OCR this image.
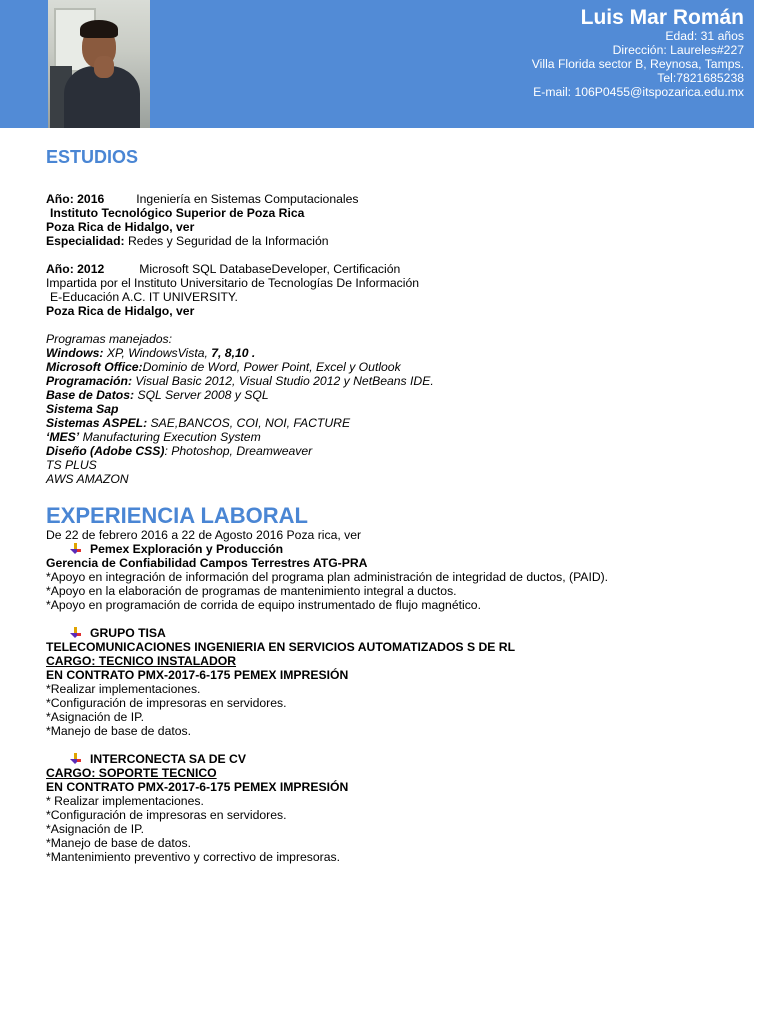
Luis Mar Román
Edad: 31 años
Dirección: Laureles#227
Villa Florida sector B, Reynosa, Tamps.
Tel:7821685238
E-mail: 106P0455@itspozarica.edu.mx
ESTUDIOS
Año: 2016	Ingeniería en Sistemas Computacionales
Instituto Tecnológico Superior de Poza Rica
Poza Rica de Hidalgo, ver
Especialidad: Redes y Seguridad de la Información
Año: 2012	Microsoft SQL DatabaseDeveloper, Certificación
Impartida por el Instituto Universitario de Tecnologías De Información
E-Educación A.C. IT UNIVERSITY.
Poza Rica de Hidalgo, ver
Programas manejados:
Windows: XP, WindowsVista, 7, 8,10 .
Microsoft Office:Dominio de Word, Power Point, Excel y Outlook
Programación: Visual Basic 2012, Visual Studio 2012 y NetBeans IDE.
Base de Datos: SQL Server 2008 y SQL
Sistema Sap
Sistemas ASPEL: SAE,BANCOS, COI, NOI, FACTURE
‘MES’ Manufacturing Execution System
Diseño (Adobe CSS): Photoshop, Dreamweaver
TS PLUS
AWS AMAZON
EXPERIENCIA LABORAL
De 22 de febrero 2016 a 22 de Agosto 2016 Poza rica, ver
Pemex Exploración y Producción
Gerencia de Confiabilidad Campos Terrestres ATG-PRA
*Apoyo en integración de información del programa plan administración de integridad de ductos, (PAID).
*Apoyo en la elaboración de programas de mantenimiento integral a ductos.
*Apoyo en programación de corrida de equipo instrumentado de flujo magnético.
GRUPO TISA
TELECOMUNICACIONES INGENIERIA EN SERVICIOS AUTOMATIZADOS S DE RL
CARGO: TECNICO INSTALADOR
EN CONTRATO PMX-2017-6-175 PEMEX IMPRESIÓN
*Realizar implementaciones.
*Configuración de impresoras en servidores.
*Asignación de IP.
*Manejo de base de datos.
INTERCONECTA SA DE CV
CARGO: SOPORTE TECNICO
EN CONTRATO PMX-2017-6-175 PEMEX IMPRESIÓN
* Realizar implementaciones.
*Configuración de impresoras en servidores.
*Asignación de IP.
*Manejo de base de datos.
*Mantenimiento preventivo y correctivo de impresoras.
